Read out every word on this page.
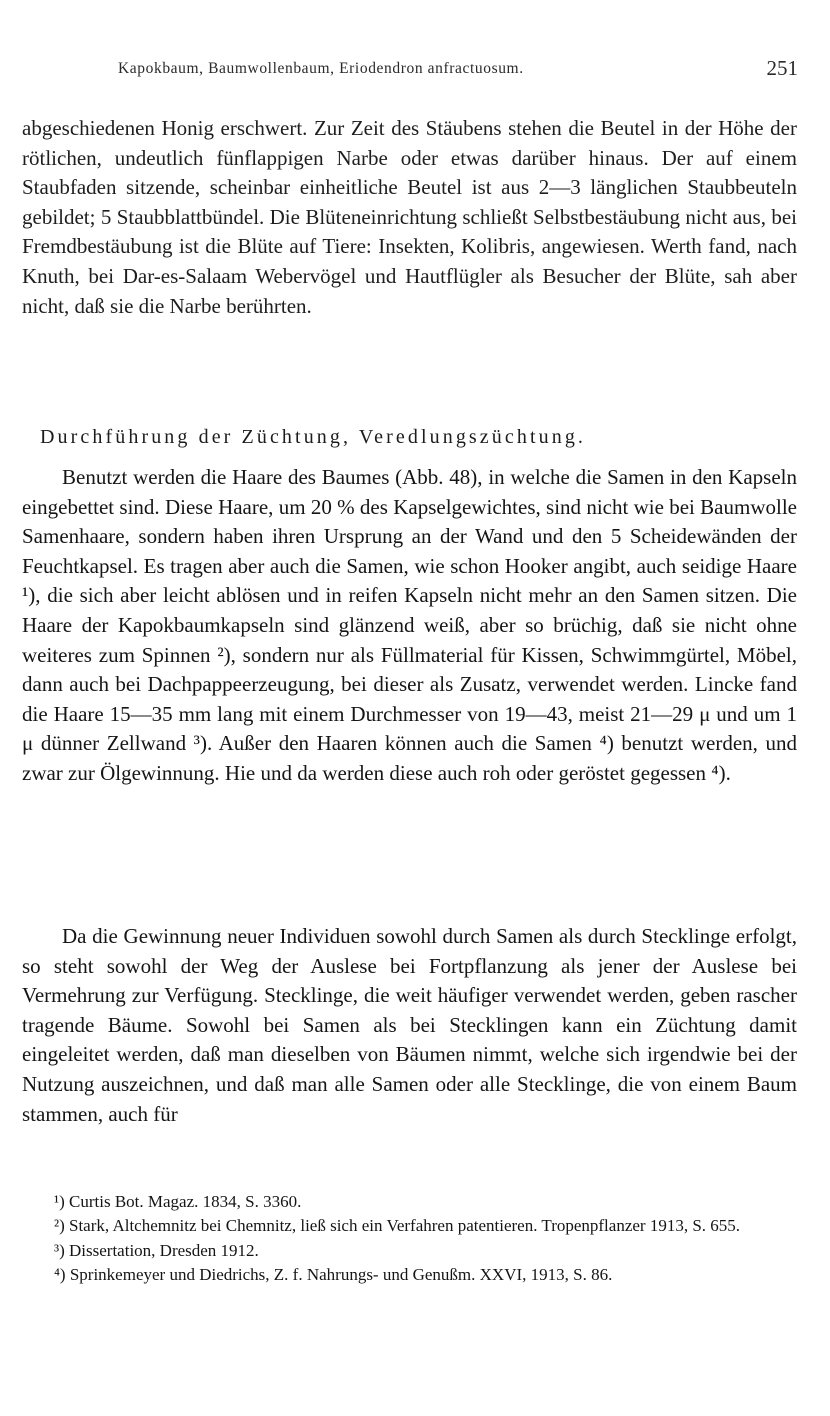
Kapokbaum, Baumwollenbaum, Eriodendron anfractuosum.	251

abgeschiedenen Honig erschwert. Zur Zeit des Stäubens stehen die Beutel in der Höhe der rötlichen, undeutlich fünflappigen Narbe oder etwas darüber hinaus. Der auf einem Staubfaden sitzende, scheinbar einheitliche Beutel ist aus 2—3 länglichen Staubbeuteln gebildet; 5 Staubblattbündel. Die Blüteneinrichtung schließt Selbstbestäubung nicht aus, bei Fremdbestäubung ist die Blüte auf Tiere: Insekten, Kolibris, angewiesen. Werth fand, nach Knuth, bei Dar-es-Salaam Webervögel und Hautflügler als Besucher der Blüte, sah aber nicht, daß sie die Narbe berührten.

Durchführung der Züchtung, Veredlungszüchtung.

Benutzt werden die Haare des Baumes (Abb. 48), in welche die Samen in den Kapseln eingebettet sind. Diese Haare, um 20 % des Kapselgewichtes, sind nicht wie bei Baumwolle Samenhaare, sondern haben ihren Ursprung an der Wand und den 5 Scheidewänden der Feuchtkapsel. Es tragen aber auch die Samen, wie schon Hooker angibt, auch seidige Haare ¹), die sich aber leicht ablösen und in reifen Kapseln nicht mehr an den Samen sitzen. Die Haare der Kapokbaumkapseln sind glänzend weiß, aber so brüchig, daß sie nicht ohne weiteres zum Spinnen ²), sondern nur als Füllmaterial für Kissen, Schwimmgürtel, Möbel, dann auch bei Dachpappeerzeugung, bei dieser als Zusatz, verwendet werden. Lincke fand die Haare 15—35 mm lang mit einem Durchmesser von 19—43, meist 21—29 μ und um 1 μ dünner Zellwand ³). Außer den Haaren können auch die Samen ⁴) benutzt werden, und zwar zur Ölgewinnung. Hie und da werden diese auch roh oder geröstet gegessen ⁴).

Da die Gewinnung neuer Individuen sowohl durch Samen als durch Stecklinge erfolgt, so steht sowohl der Weg der Auslese bei Fortpflanzung als jener der Auslese bei Vermehrung zur Verfügung. Stecklinge, die weit häufiger verwendet werden, geben rascher tragende Bäume. Sowohl bei Samen als bei Stecklingen kann ein Züchtung damit eingeleitet werden, daß man dieselben von Bäumen nimmt, welche sich irgendwie bei der Nutzung auszeichnen, und daß man alle Samen oder alle Stecklinge, die von einem Baum stammen, auch für

¹) Curtis Bot. Magaz. 1834, S. 3360.

²) Stark, Altchemnitz bei Chemnitz, ließ sich ein Verfahren patentieren. Tropenpflanzer 1913, S. 655.

³) Dissertation, Dresden 1912.

⁴) Sprinkemeyer und Diedrichs, Z. f. Nahrungs- und Genußm. XXVI, 1913, S. 86.
